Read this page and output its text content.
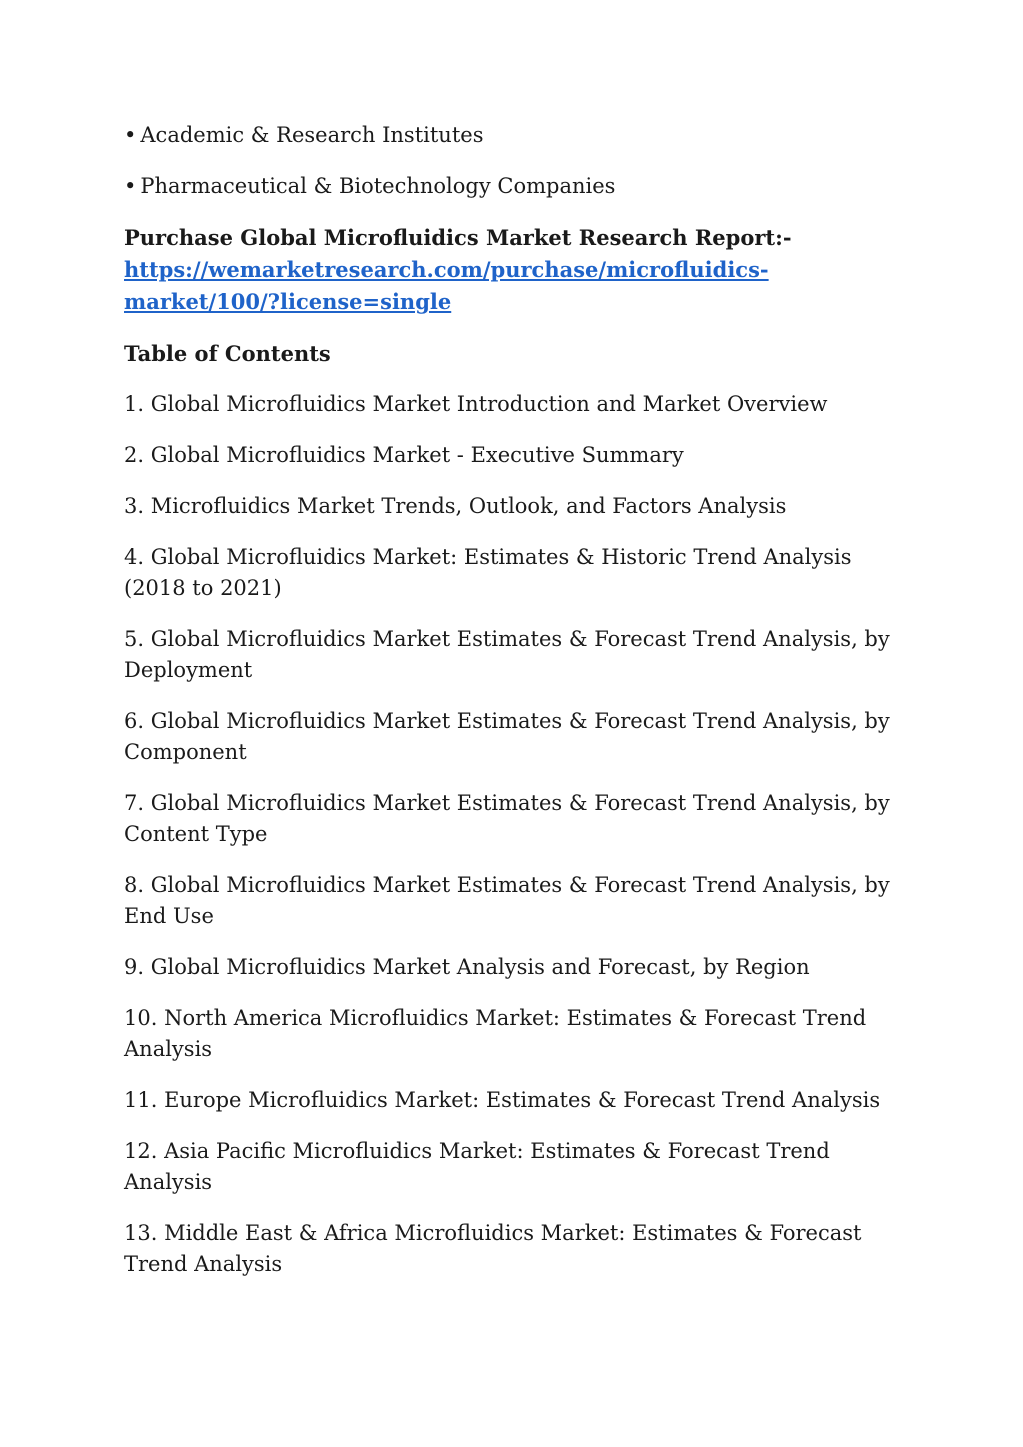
• Academic & Research Institutes

• Pharmaceutical & Biotechnology Companies

Purchase Global Microfluidics Market Research Report:-
https://wemarketresearch.com/purchase/microfluidics-
market/100/?license=single

Table of Contents

1. Global Microfluidics Market Introduction and Market Overview

2. Global Microfluidics Market - Executive Summary

3. Microfluidics Market Trends, Outlook, and Factors Analysis

4. Global Microfluidics Market: Estimates & Historic Trend Analysis (2018 to 2021)

5. Global Microfluidics Market Estimates & Forecast Trend Analysis, by Deployment

6. Global Microfluidics Market Estimates & Forecast Trend Analysis, by Component

7. Global Microfluidics Market Estimates & Forecast Trend Analysis, by Content Type

8. Global Microfluidics Market Estimates & Forecast Trend Analysis, by End Use

9. Global Microfluidics Market Analysis and Forecast, by Region

10. North America Microfluidics Market: Estimates & Forecast Trend Analysis

11. Europe Microfluidics Market: Estimates & Forecast Trend Analysis

12. Asia Pacific Microfluidics Market: Estimates & Forecast Trend Analysis

13. Middle East & Africa Microfluidics Market: Estimates & Forecast Trend Analysis
